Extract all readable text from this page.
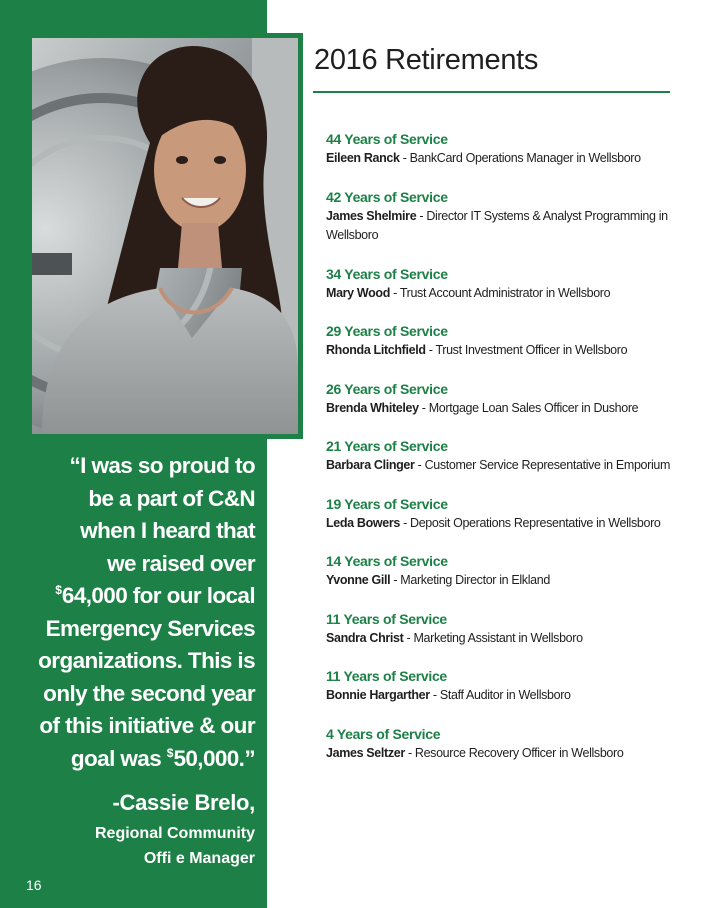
“I was so proud to
be a part of C&N
when I heard that
we raised over
$64,000 for our local
Emergency Services
organizations. This is
only the second year
of this initiative & our
goal was $50,000.”
-Cassie Brelo,
Regional Community
Offi e Manager
16
2016 Retirements
44 Years of Service
Eileen Ranck - BankCard Operations Manager in Wellsboro
42 Years of Service
James Shelmire - Director IT Systems & Analyst Programming in Wellsboro
34 Years of Service
Mary Wood - Trust Account Administrator in Wellsboro
29 Years of Service
Rhonda Litchfield - Trust Investment Officer in Wellsboro
26 Years of Service
Brenda Whiteley - Mortgage Loan Sales Officer in Dushore
21 Years of Service
Barbara Clinger - Customer Service Representative in Emporium
19 Years of Service
Leda Bowers - Deposit Operations Representative in Wellsboro
14 Years of Service
Yvonne Gill - Marketing Director in Elkland
11 Years of Service
Sandra Christ - Marketing Assistant in Wellsboro
11 Years of Service
Bonnie Hargarther - Staff Auditor in Wellsboro
4 Years of Service
James Seltzer - Resource Recovery Officer in Wellsboro
